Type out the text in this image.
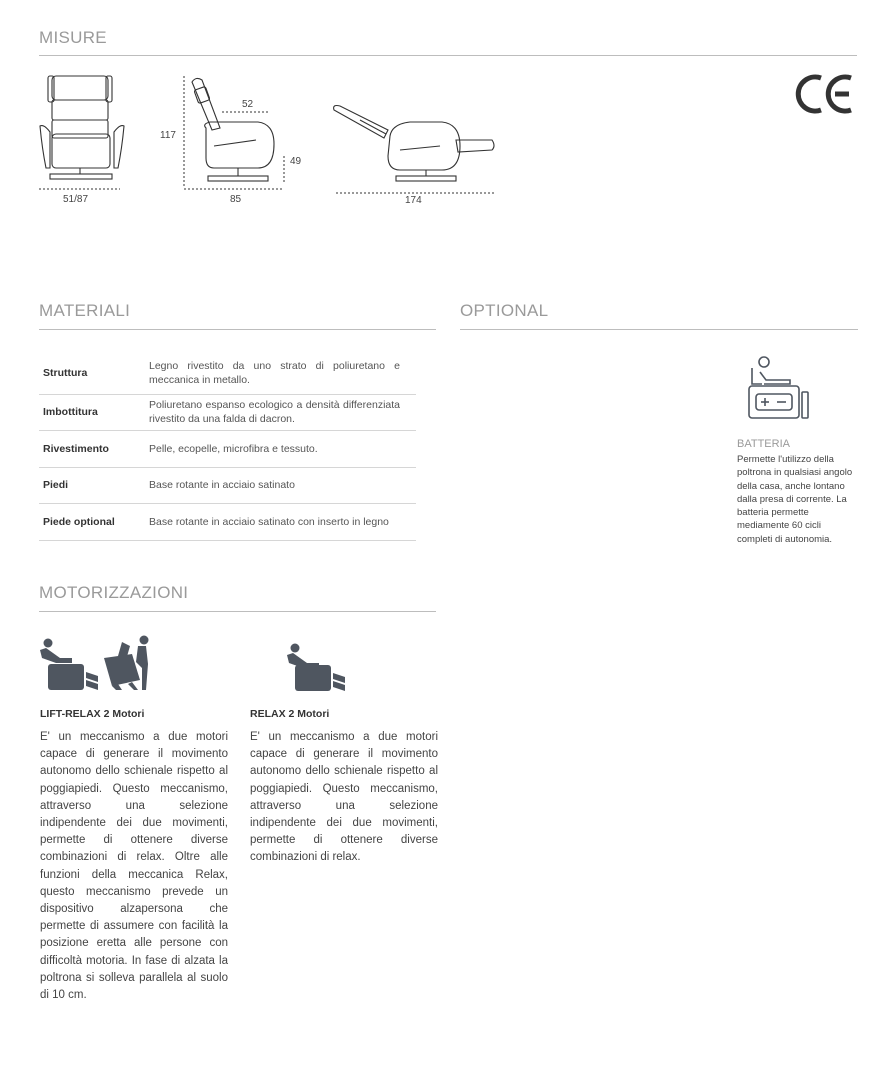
MISURE
51/87
117
52
49
85	174
MATERIALI
Struttura	Legno rivestito da uno strato di poliuretano e meccanica in metallo.
Imbottitura	Poliuretano espanso ecologico a densità differenziata rivestito da una falda di dacron.
Rivestimento	Pelle, ecopelle, microfibra e tessuto.
Piedi	Base rotante in acciaio satinato
Piede optional	Base rotante in acciaio satinato con inserto in legno
OPTIONAL
BATTERIA

Permette l'utilizzo della poltrona in qualsiasi angolo della casa, anche lontano dalla presa di corrente. La batteria permette mediamente 60 cicli completi di autonomia.

MOTORIZZAZIONI
LIFT-RELAX 2 Motori

E' un meccanismo a due motori capace di generare il movimento autonomo dello schienale rispetto al poggiapiedi. Questo meccanismo, attraverso una selezione indipendente dei due movimenti, permette di ottenere diverse combinazioni di relax. Oltre alle funzioni della meccanica Relax, questo meccanismo prevede un dispositivo alzapersona che permette di assumere con facilità la posizione eretta alle persone con difficoltà motoria. In fase di alzata la poltrona si solleva parallela al suolo di 10 cm.

RELAX 2 Motori

E' un meccanismo a due motori capace di generare il movimento autonomo dello schienale rispetto al poggiapiedi. Questo meccanismo, attraverso una selezione indipendente dei due movimenti, permette di ottenere diverse combinazioni di relax.
